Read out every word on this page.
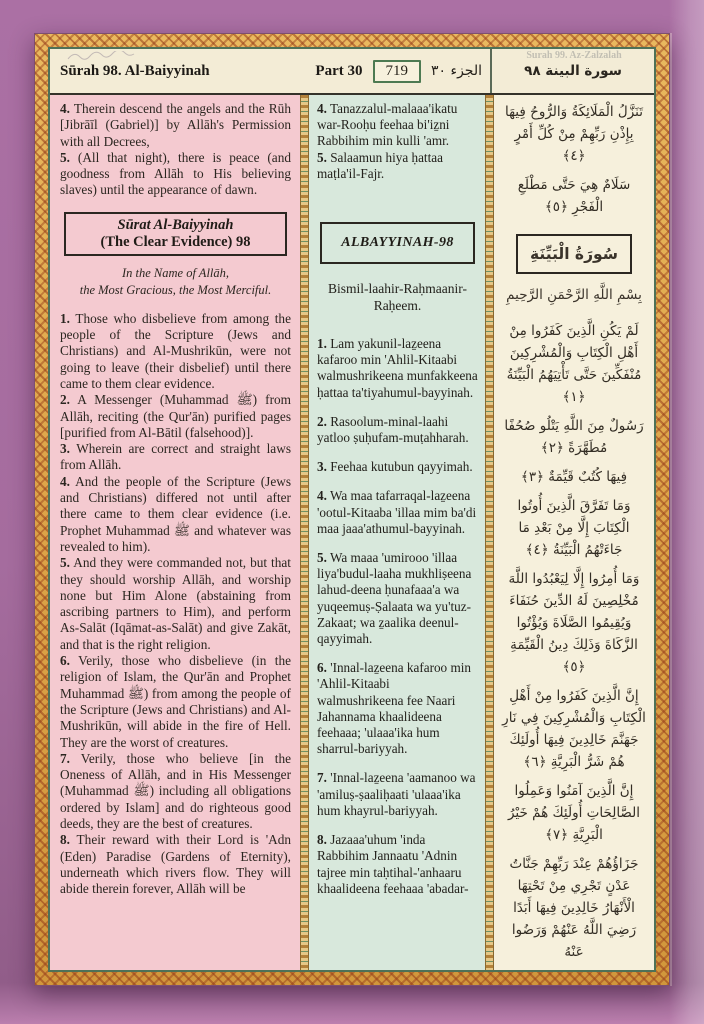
Sūrah 98. Al-Baiyyinah	Part 30	719	الجزء ٣٠
Surah 99. Az-Zalzalah
سورة البينة ٩٨

4. Therein descend the angels and the Rūh [Jibrāīl (Gabriel)] by Allāh's Permission with all Decrees,

5. (All that night), there is peace (and goodness from Allāh to His believing slaves) until the appearance of dawn.

Sūrat Al-Baiyyinah
(The Clear Evidence) 98
In the Name of Allāh,
the Most Gracious, the Most Merciful.

1. Those who disbelieve from among the people of the Scripture (Jews and Christians) and Al-Mushrikūn, were not going to leave (their disbelief) until there came to them clear evidence.

2. A Messenger (Muhammad ﷺ) from Allāh, reciting (the Qur'ān) purified pages [purified from Al-Bātil (falsehood)].

3. Wherein are correct and straight laws from Allāh.

4. And the people of the Scripture (Jews and Christians) differed not until after there came to them clear evidence (i.e. Prophet Muhammad ﷺ and whatever was revealed to him).

5. And they were commanded not, but that they should worship Allāh, and worship none but Him Alone (abstaining from ascribing partners to Him), and perform As-Salāt (Iqāmat-as-Salāt) and give Zakāt, and that is the right religion.

6. Verily, those who disbelieve (in the religion of Islam, the Qur'ān and Prophet Muhammad ﷺ) from among the people of the Scripture (Jews and Christians) and Al-Mushrikūn, will abide in the fire of Hell. They are the worst of creatures.

7. Verily, those who believe [in the Oneness of Allāh, and in His Messenger (Muhammad ﷺ) including all obligations ordered by Islam] and do righteous good deeds, they are the best of creatures.

8. Their reward with their Lord is 'Adn (Eden) Paradise (Gardens of Eternity), underneath which rivers flow. They will abide therein forever, Allāh will be

4. Tanazzalul-malaaa'ikatu war-Rooḥu feehaa bi'iẕni Rabbihim min kulli 'amr.

5. Salaamun hiya ḥattaa maṭla'il-Fajr.

ALBAYYINAH-98
Bismil-laahir-Raḥmaanir-Raḥeem.

1. Lam yakunil-laẕeena kafaroo min 'Ahlil-Kitaabi walmushrikeena munfakkeena ḥattaa ta'tiyahumul-bayyinah.

2. Rasoolum-minal-laahi yatloo ṣuḥufam-muṭahharah.

3. Feehaa kutubun qayyimah.

4. Wa maa tafarraqal-laẕeena 'ootul-Kitaaba 'illaa mim ba'di maa jaaa'athumul-bayyinah.

5. Wa maaa 'umirooo 'illaa liya'budul-laaha mukhliṣeena lahud-deena ḥunafaaa'a wa yuqeemuṣ-Ṣalaata wa yu'tuz-Zakaat; wa ẕaalika deenul-qayyimah.

6. 'Innal-laẕeena kafaroo min 'Ahlil-Kitaabi walmushrikeena fee Naari Jahannama khaalideena feehaaa; 'ulaaa'ika hum sharrul-bariyyah.

7. 'Innal-laẕeena 'aamanoo wa 'amiluṣ-ṣaaliḥaati 'ulaaa'ika hum khayrul-bariyyah.

8. Jazaaa'uhum 'inda Rabbihim Jannaatu 'Adnin tajree min taḥtihal-'anhaaru khaalideena feehaaa 'abadar-

تَنَزَّلُ الْمَلَائِكَةُ وَالرُّوحُ فِيهَا بِإِذْنِ رَبِّهِمْ مِنْ كُلِّ أَمْرٍ ﴿٤﴾

سَلَامٌ هِيَ حَتَّى مَطْلَعِ الْفَجْرِ ﴿٥﴾

سُورَةُ الْبَيِّنَةِ
بِسْمِ اللَّهِ الرَّحْمَنِ الرَّحِيمِ

لَمْ يَكُنِ الَّذِينَ كَفَرُوا مِنْ أَهْلِ الْكِتَابِ وَالْمُشْرِكِينَ مُنْفَكِّينَ حَتَّى تَأْتِيَهُمُ الْبَيِّنَةُ ﴿١﴾

رَسُولٌ مِنَ اللَّهِ يَتْلُو صُحُفًا مُطَهَّرَةً ﴿٢﴾

فِيهَا كُتُبٌ قَيِّمَةٌ ﴿٣﴾

وَمَا تَفَرَّقَ الَّذِينَ أُوتُوا الْكِتَابَ إِلَّا مِنْ بَعْدِ مَا جَاءَتْهُمُ الْبَيِّنَةُ ﴿٤﴾

وَمَا أُمِرُوا إِلَّا لِيَعْبُدُوا اللَّهَ مُخْلِصِينَ لَهُ الدِّينَ حُنَفَاءَ وَيُقِيمُوا الصَّلَاةَ وَيُؤْتُوا الزَّكَاةَ وَذَلِكَ دِينُ الْقَيِّمَةِ ﴿٥﴾

إِنَّ الَّذِينَ كَفَرُوا مِنْ أَهْلِ الْكِتَابِ وَالْمُشْرِكِينَ فِي نَارِ جَهَنَّمَ خَالِدِينَ فِيهَا أُولَئِكَ هُمْ شَرُّ الْبَرِيَّةِ ﴿٦﴾

إِنَّ الَّذِينَ آمَنُوا وَعَمِلُوا الصَّالِحَاتِ أُولَئِكَ هُمْ خَيْرُ الْبَرِيَّةِ ﴿٧﴾

جَزَاؤُهُمْ عِنْدَ رَبِّهِمْ جَنَّاتُ عَدْنٍ تَجْرِي مِنْ تَحْتِهَا الْأَنْهَارُ خَالِدِينَ فِيهَا أَبَدًا رَضِيَ اللَّهُ عَنْهُمْ وَرَضُوا عَنْهُ
